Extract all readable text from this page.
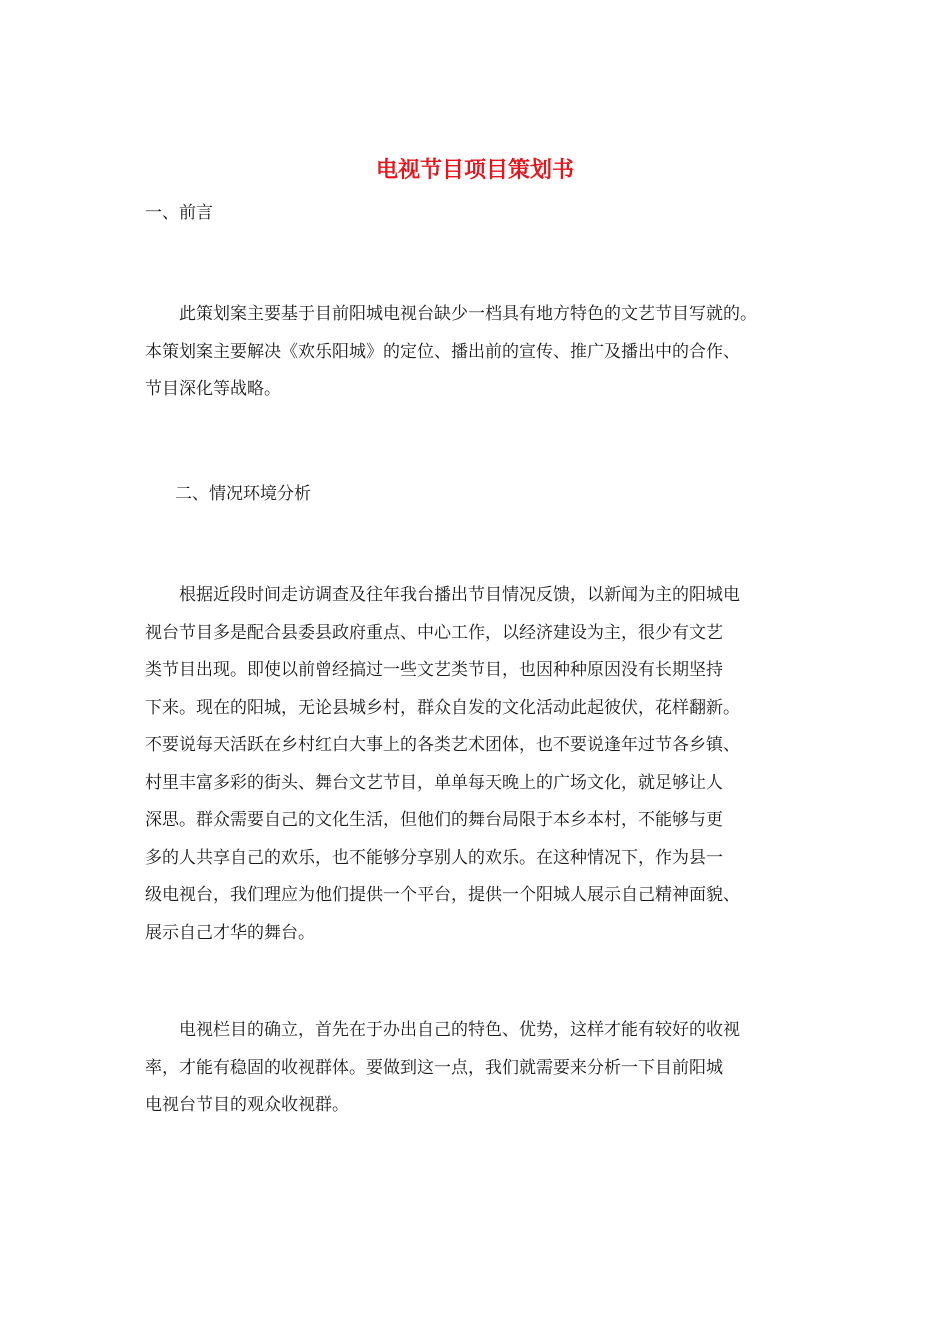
电视节目项目策划书

一、前言

　　此策划案主要基于目前阳城电视台缺少一档具有地方特色的文艺节目写就的。
本策划案主要解决《欢乐阳城》的定位、播出前的宣传、推广及播出中的合作、
节目深化等战略。

二、情况环境分析

　　根据近段时间走访调查及往年我台播出节目情况反馈，以新闻为主的阳城电
视台节目多是配合县委县政府重点、中心工作，以经济建设为主，很少有文艺
类节目出现。即使以前曾经搞过一些文艺类节目，也因种种原因没有长期坚持
下来。现在的阳城，无论县城乡村，群众自发的文化活动此起彼伏，花样翻新。
不要说每天活跃在乡村红白大事上的各类艺术团体，也不要说逢年过节各乡镇、
村里丰富多彩的街头、舞台文艺节目，单单每天晚上的广场文化，就足够让人
深思。群众需要自己的文化生活，但他们的舞台局限于本乡本村，不能够与更
多的人共享自己的欢乐，也不能够分享别人的欢乐。在这种情况下，作为县一
级电视台，我们理应为他们提供一个平台，提供一个阳城人展示自己精神面貌、
展示自己才华的舞台。
　　电视栏目的确立，首先在于办出自己的特色、优势，这样才能有较好的收视
率，才能有稳固的收视群体。要做到这一点，我们就需要来分析一下目前阳城
电视台节目的观众收视群。
